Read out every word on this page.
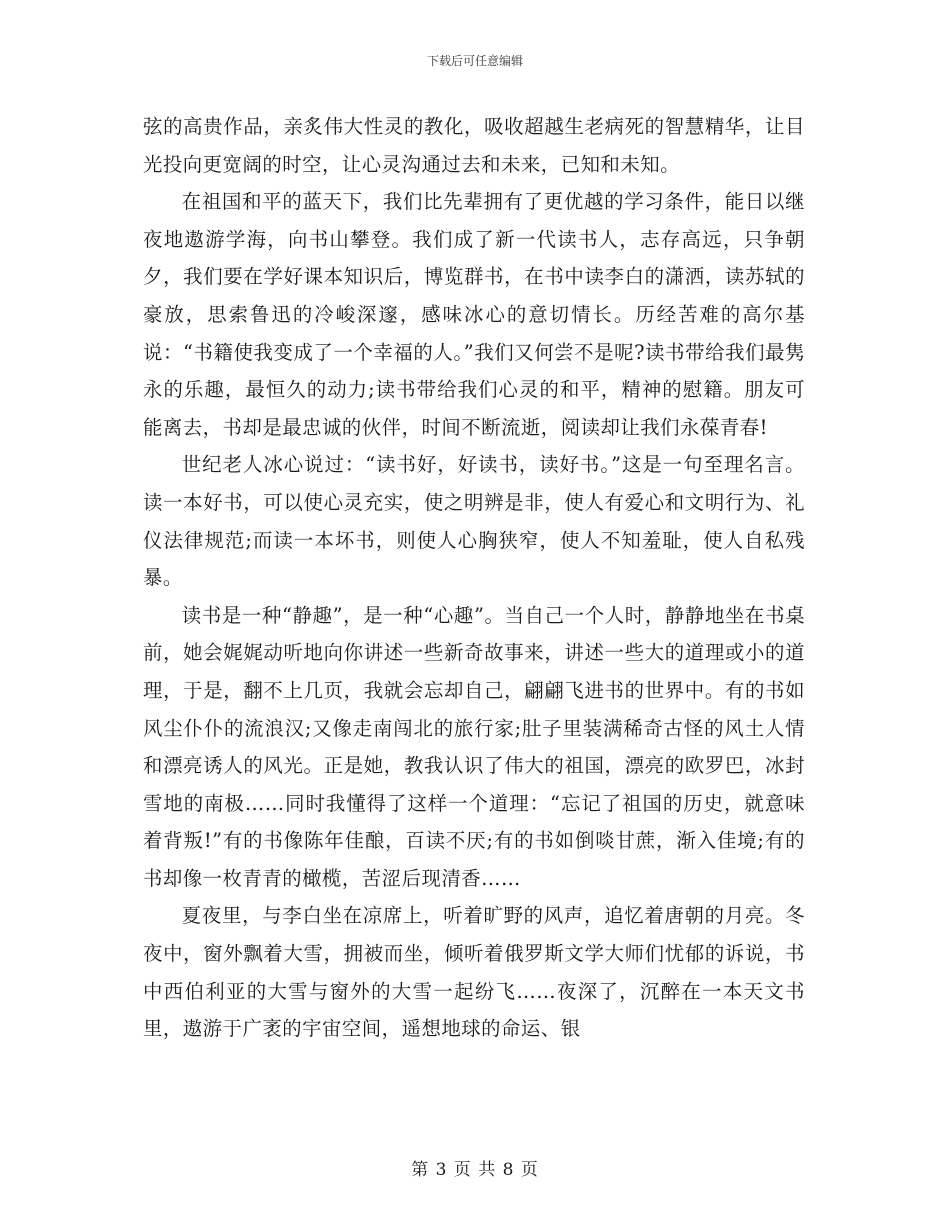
下载后可任意编辑

弦的高贵作品，亲炙伟大性灵的教化，吸收超越生老病死的智慧精华，让目光投向更宽阔的时空，让心灵沟通过去和未来，已知和未知。

在祖国和平的蓝天下，我们比先辈拥有了更优越的学习条件，能日以继夜地遨游学海，向书山攀登。我们成了新一代读书人，志存高远，只争朝夕，我们要在学好课本知识后，博览群书，在书中读李白的潇洒，读苏轼的豪放，思索鲁迅的冷峻深邃，感味冰心的意切情长。历经苦难的高尔基说：“书籍使我变成了一个幸福的人。”我们又何尝不是呢?读书带给我们最隽永的乐趣，最恒久的动力;读书带给我们心灵的和平，精神的慰籍。朋友可能离去，书却是最忠诚的伙伴，时间不断流逝，阅读却让我们永葆青春!

世纪老人冰心说过：“读书好，好读书，读好书。”这是一句至理名言。读一本好书，可以使心灵充实，使之明辨是非，使人有爱心和文明行为、礼仪法律规范;而读一本坏书，则使人心胸狭窄，使人不知羞耻，使人自私残暴。

读书是一种“静趣”，是一种“心趣”。当自己一个人时，静静地坐在书桌前，她会娓娓动听地向你讲述一些新奇故事来，讲述一些大的道理或小的道理，于是，翻不上几页，我就会忘却自己，翩翩飞进书的世界中。有的书如风尘仆仆的流浪汉;又像走南闯北的旅行家;肚子里装满稀奇古怪的风土人情和漂亮诱人的风光。正是她，教我认识了伟大的祖国，漂亮的欧罗巴，冰封雪地的南极……同时我懂得了这样一个道理：“忘记了祖国的历史，就意味着背叛!”有的书像陈年佳酿，百读不厌;有的书如倒啖甘蔗，渐入佳境;有的书却像一枚青青的橄榄，苦涩后现清香……

夏夜里，与李白坐在凉席上，听着旷野的风声，追忆着唐朝的月亮。冬夜中，窗外飘着大雪，拥被而坐，倾听着俄罗斯文学大师们忧郁的诉说，书中西伯利亚的大雪与窗外的大雪一起纷飞……夜深了，沉醉在一本天文书里，遨游于广袤的宇宙空间，遥想地球的命运、银

第 3 页 共 8 页
